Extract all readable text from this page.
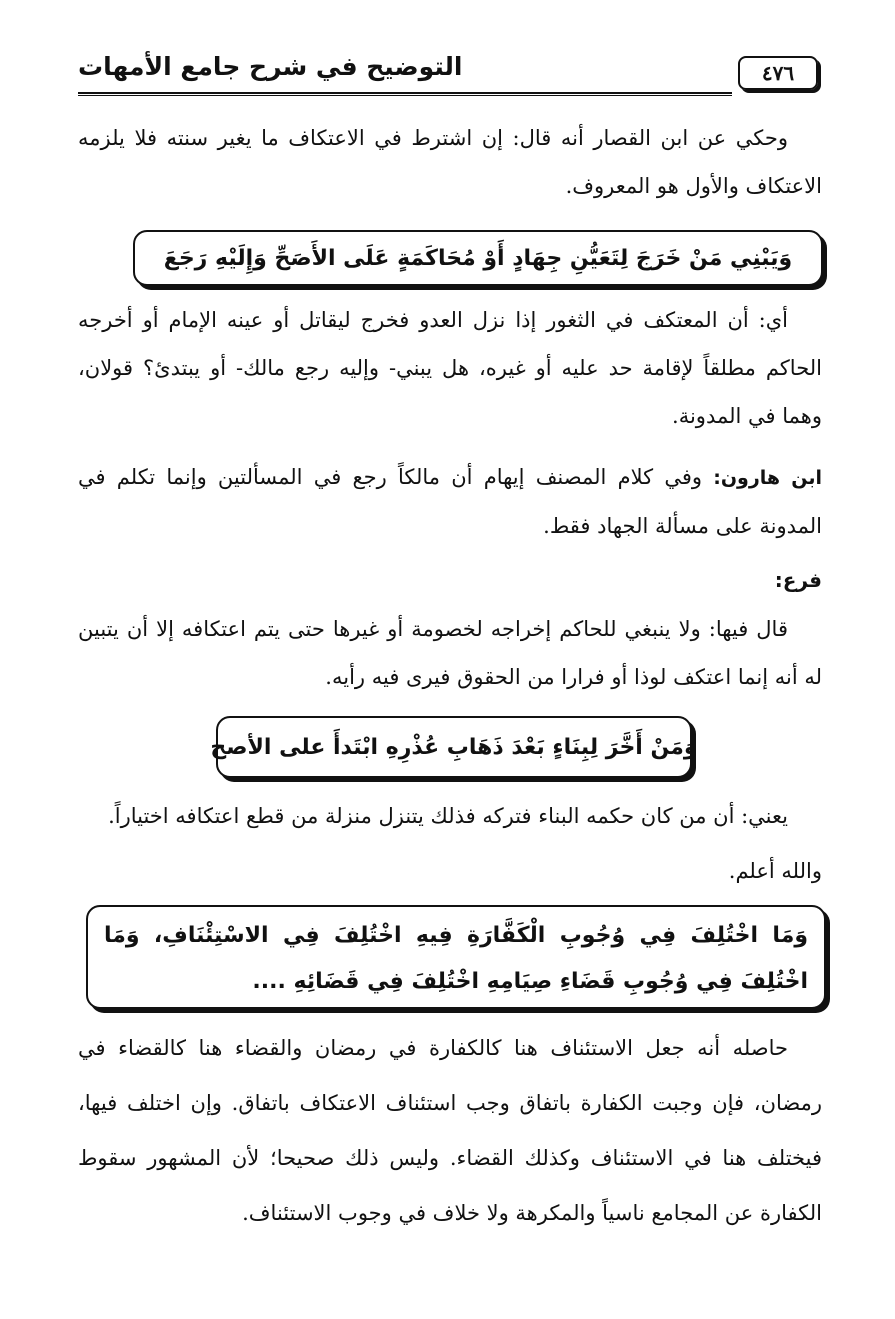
٤٧٦
التوضيح في شرح جامع الأمهات
وحكي عن ابن القصار أنه قال: إن اشترط في الاعتكاف ما يغير سنته فلا يلزمه الاعتكاف والأول هو المعروف.
وَيَبْنِي مَنْ خَرَجَ لِتَعَيُّنِ جِهَادٍ أَوْ مُحَاكَمَةٍ عَلَى الأَصَحِّ وَإِلَيْهِ رَجَعَ
أي: أن المعتكف في الثغور إذا نزل العدو فخرج ليقاتل أو عينه الإمام أو أخرجه الحاكم مطلقاً لإقامة حد عليه أو غيره، هل يبني- وإليه رجع مالك- أو يبتدئ؟ قولان، وهما في المدونة.
ابن هارون: وفي كلام المصنف إيهام أن مالكاً رجع في المسألتين وإنما تكلم في المدونة على مسألة الجهاد فقط.
فرع:
قال فيها: ولا ينبغي للحاكم إخراجه لخصومة أو غيرها حتى يتم اعتكافه إلا أن يتبين له أنه إنما اعتكف لوذا أو فرارا من الحقوق فيرى فيه رأيه.
وَمَنْ أَخَّرَ لِبِنَاءٍ بَعْدَ ذَهَابِ عُذْرِهِ ابْتَدأَ على الأصح
يعني: أن من كان حكمه البناء فتركه فذلك يتنزل منزلة من قطع اعتكافه اختياراً.
والله أعلم.
وَمَا اخْتُلِفَ فِي وُجُوبِ الْكَفَّارَةِ فِيهِ اخْتُلِفَ فِي الاسْتِئْنَافِ، وَمَا اخْتُلِفَ فِي وُجُوبِ قَضَاءِ صِيَامِهِ اخْتُلِفَ فِي قَضَائِهِ ....
حاصله أنه جعل الاستئناف هنا كالكفارة في رمضان والقضاء هنا كالقضاء في رمضان، فإن وجبت الكفارة باتفاق وجب استئناف الاعتكاف باتفاق. وإن اختلف فيها، فيختلف هنا في الاستئناف وكذلك القضاء. وليس ذلك صحيحا؛ لأن المشهور سقوط الكفارة عن المجامع ناسياً والمكرهة ولا خلاف في وجوب الاستئناف.
